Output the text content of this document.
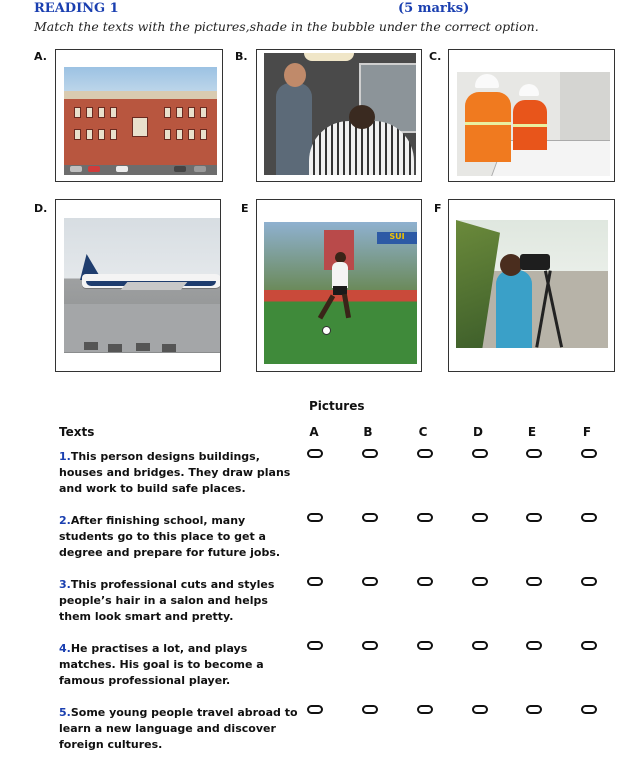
READING 1	(5 marks)
Match the texts with the pictures,shade in the bubble under the correct option.
A.	B.	C.
D.	E	F
SUI
Pictures
Texts	A	B	C	D	E	F
1.This person designs buildings, houses and bridges. They draw plans and work to build safe places.
2.After finishing school, many students go to this place to get a degree and prepare for future jobs.
3.This professional cuts and styles people’s hair in a salon and helps them look smart and pretty.
4.He practises a lot, and plays matches. His goal is to become a famous professional player.
5.Some young people travel abroad to learn a new language and discover foreign cultures.
